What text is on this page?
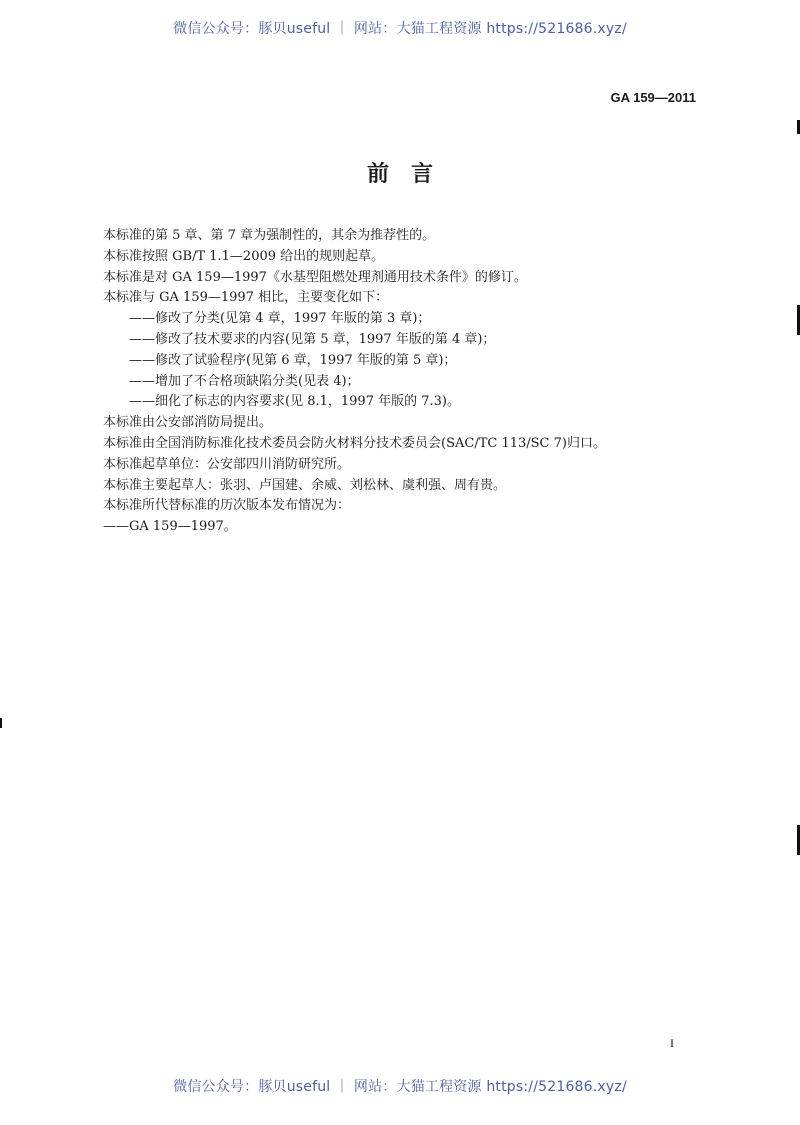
微信公众号：豚贝useful ｜ 网站：大猫工程资源 https://521686.xyz/
GA 159—2011
前言
本标准的第 5 章、第 7 章为强制性的，其余为推荐性的。
本标准按照 GB/T 1.1—2009 给出的规则起草。
本标准是对 GA 159—1997《水基型阻燃处理剂通用技术条件》的修订。
本标准与 GA 159—1997 相比，主要变化如下：
——修改了分类(见第 4 章，1997 年版的第 3 章)；
——修改了技术要求的内容(见第 5 章，1997 年版的第 4 章)；
——修改了试验程序(见第 6 章，1997 年版的第 5 章)；
——增加了不合格项缺陷分类(见表 4)；
——细化了标志的内容要求(见 8.1，1997 年版的 7.3)。
本标准由公安部消防局提出。
本标准由全国消防标准化技术委员会防火材料分技术委员会(SAC/TC 113/SC 7)归口。
本标准起草单位：公安部四川消防研究所。
本标准主要起草人：张羽、卢国建、余威、刘松林、虞利强、周有贵。
本标准所代替标准的历次版本发布情况为：
——GA 159—1997。
I
微信公众号：豚贝useful ｜ 网站：大猫工程资源 https://521686.xyz/
